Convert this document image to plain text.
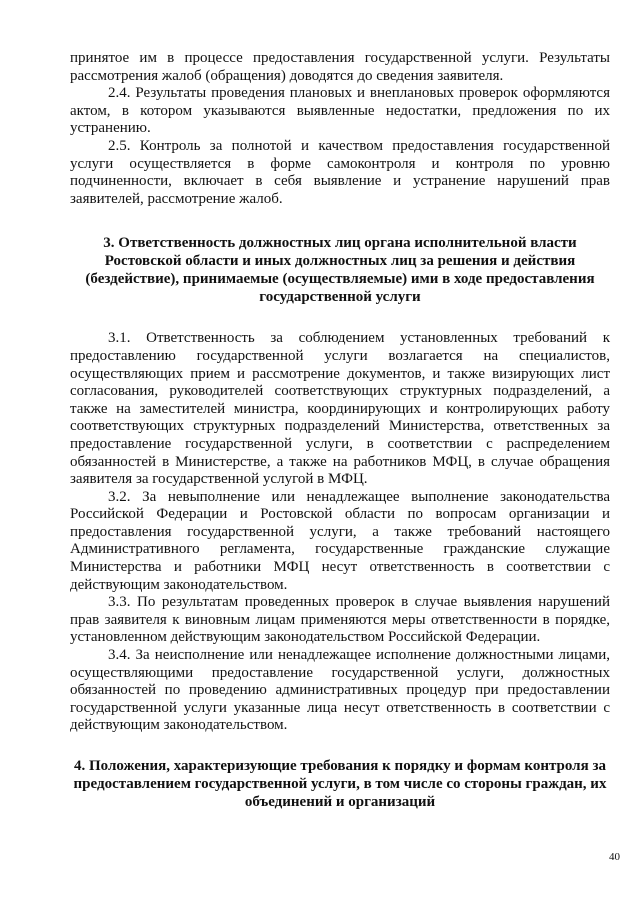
принятое им в процессе предоставления государственной услуги. Результаты рассмотрения жалоб (обращения) доводятся до сведения заявителя.

2.4. Результаты проведения плановых и внеплановых проверок оформляются актом, в котором указываются выявленные недостатки, предложения по их устранению.

2.5. Контроль за полнотой и качеством предоставления государственной услуги осуществляется в форме самоконтроля и контроля по уровню подчиненности, включает в себя выявление и устранение нарушений прав заявителей, рассмотрение жалоб.

3. Ответственность должностных лиц органа исполнительной власти Ростовской области и иных должностных лиц за решения и действия (бездействие), принимаемые (осуществляемые) ими в ходе предоставления государственной услуги

3.1. Ответственность за соблюдением установленных требований к предоставлению государственной услуги возлагается на специалистов, осуществляющих прием и рассмотрение документов, и также визирующих лист согласования, руководителей соответствующих структурных подразделений, а также на заместителей министра, координирующих и контролирующих работу соответствующих структурных подразделений Министерства, ответственных за предоставление государственной услуги, в соответствии с распределением обязанностей в Министерстве, а также на работников МФЦ, в случае обращения заявителя за государственной услугой в МФЦ.

3.2. За невыполнение или ненадлежащее выполнение законодательства Российской Федерации и Ростовской области по вопросам организации и предоставления государственной услуги, а также требований настоящего Административного регламента, государственные гражданские служащие Министерства и работники МФЦ несут ответственность в соответствии с действующим законодательством.

3.3. По результатам проведенных проверок в случае выявления нарушений прав заявителя к виновным лицам применяются меры ответственности в порядке, установленном действующим законодательством Российской Федерации.

3.4. За неисполнение или ненадлежащее исполнение должностными лицами, осуществляющими предоставление государственной услуги, должностных обязанностей по проведению административных процедур при предоставлении государственной услуги указанные лица несут ответственность в соответствии с действующим законодательством.

4. Положения, характеризующие требования к порядку и формам контроля за предоставлением государственной услуги, в том числе со стороны граждан, их объединений и организаций
40
